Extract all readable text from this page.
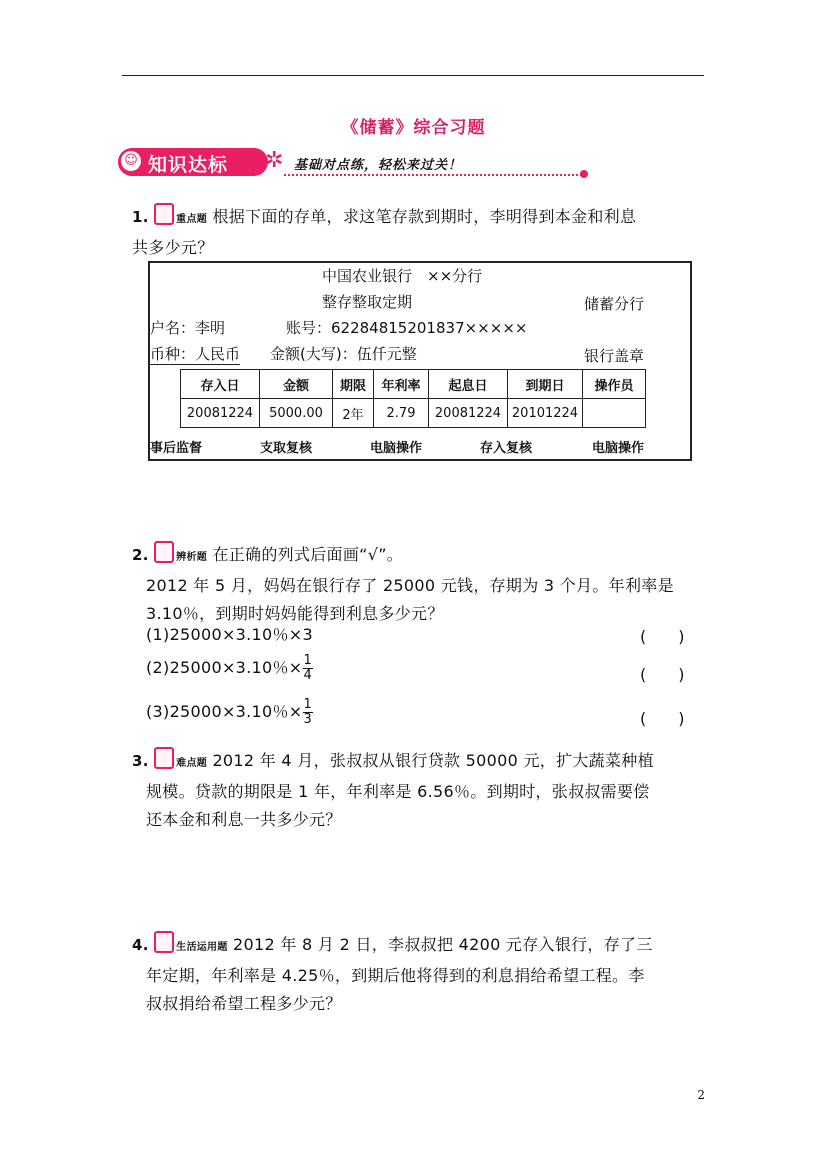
《储蓄》综合习题
☺ 知识达标 ✲ 基础对点练，轻松来过关！
1.	重点题 根据下面的存单，求这笔存款到期时，李明得到本金和利息
共多少元？
中国农业银行　××分行
整存整取定期	储蓄分行
户名：李明	账号：62284815201837×××××
币种：人民币 金额(大写)：伍仟元整	银行盖章
存入日	金额	期限	年利率	起息日	到期日	操作员
20081224	5000.00	2年	2.79	20081224	20101224	
事后监督	支取复核	电脑操作	存入复核	电脑操作
2.	辨析题 在正确的列式后面画“√”。
2012 年 5 月，妈妈在银行存了 25000 元钱，存期为 3 个月。年利率是
3.10％，到期时妈妈能得到利息多少元？
(1)25000×3.10％×3	(　　)
(2)25000×3.10％× $\frac{1}{4}$	(　　)
(3)25000×3.10％× $\frac{1}{3}$	(　　)
3.	难点题 2012 年 4 月，张叔叔从银行贷款 50000 元，扩大蔬菜种植
规模。贷款的期限是 1 年，年利率是 6.56％。到期时，张叔叔需要偿
还本金和利息一共多少元？
4.	生活运用题 2012 年 8 月 2 日，李叔叔把 4200 元存入银行，存了三
年定期，年利率是 4.25％，到期后他将得到的利息捐给希望工程。李
叔叔捐给希望工程多少元？
2
